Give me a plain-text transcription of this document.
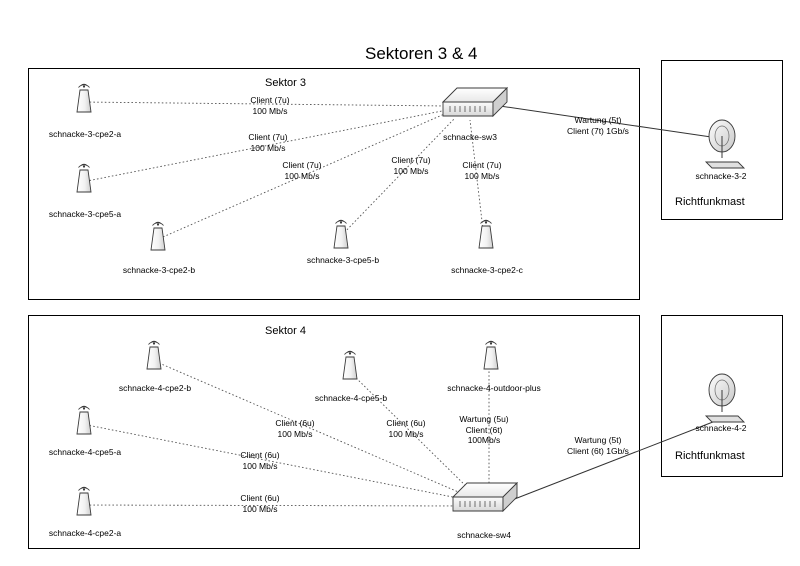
Sektoren 3 & 4
Sektor 3
Sektor 4
schnacke-3-cpe2-a
schnacke-3-cpe5-a
schnacke-3-cpe2-b
schnacke-3-cpe5-b
schnacke-3-cpe2-c
schnacke-sw3
schnacke-3-2
Richtfunkmast
Client (7u)
100 Mb/s
Client (7u)
100 Mb/s
Client (7u)
100 Mb/s
Client (7u)
100 Mb/s
Client (7u)
100 Mb/s
Wartung (5t)
Client (7t) 1Gb/s
schnacke-4-cpe2-b
schnacke-4-cpe5-b
schnacke-4-outdoor-plus
schnacke-4-cpe5-a
schnacke-4-cpe2-a	schnacke-sw4
schnacke-4-2
Richtfunkmast
Client (6u)
100 Mb/s
Client (6u)
100 Mb/s
Wartung (5u)
Client (6t)
100Mb/s
Client (6u)
100 Mb/s
Client (6u)
100 Mb/s
Wartung (5t)
Client (6t) 1Gb/s
